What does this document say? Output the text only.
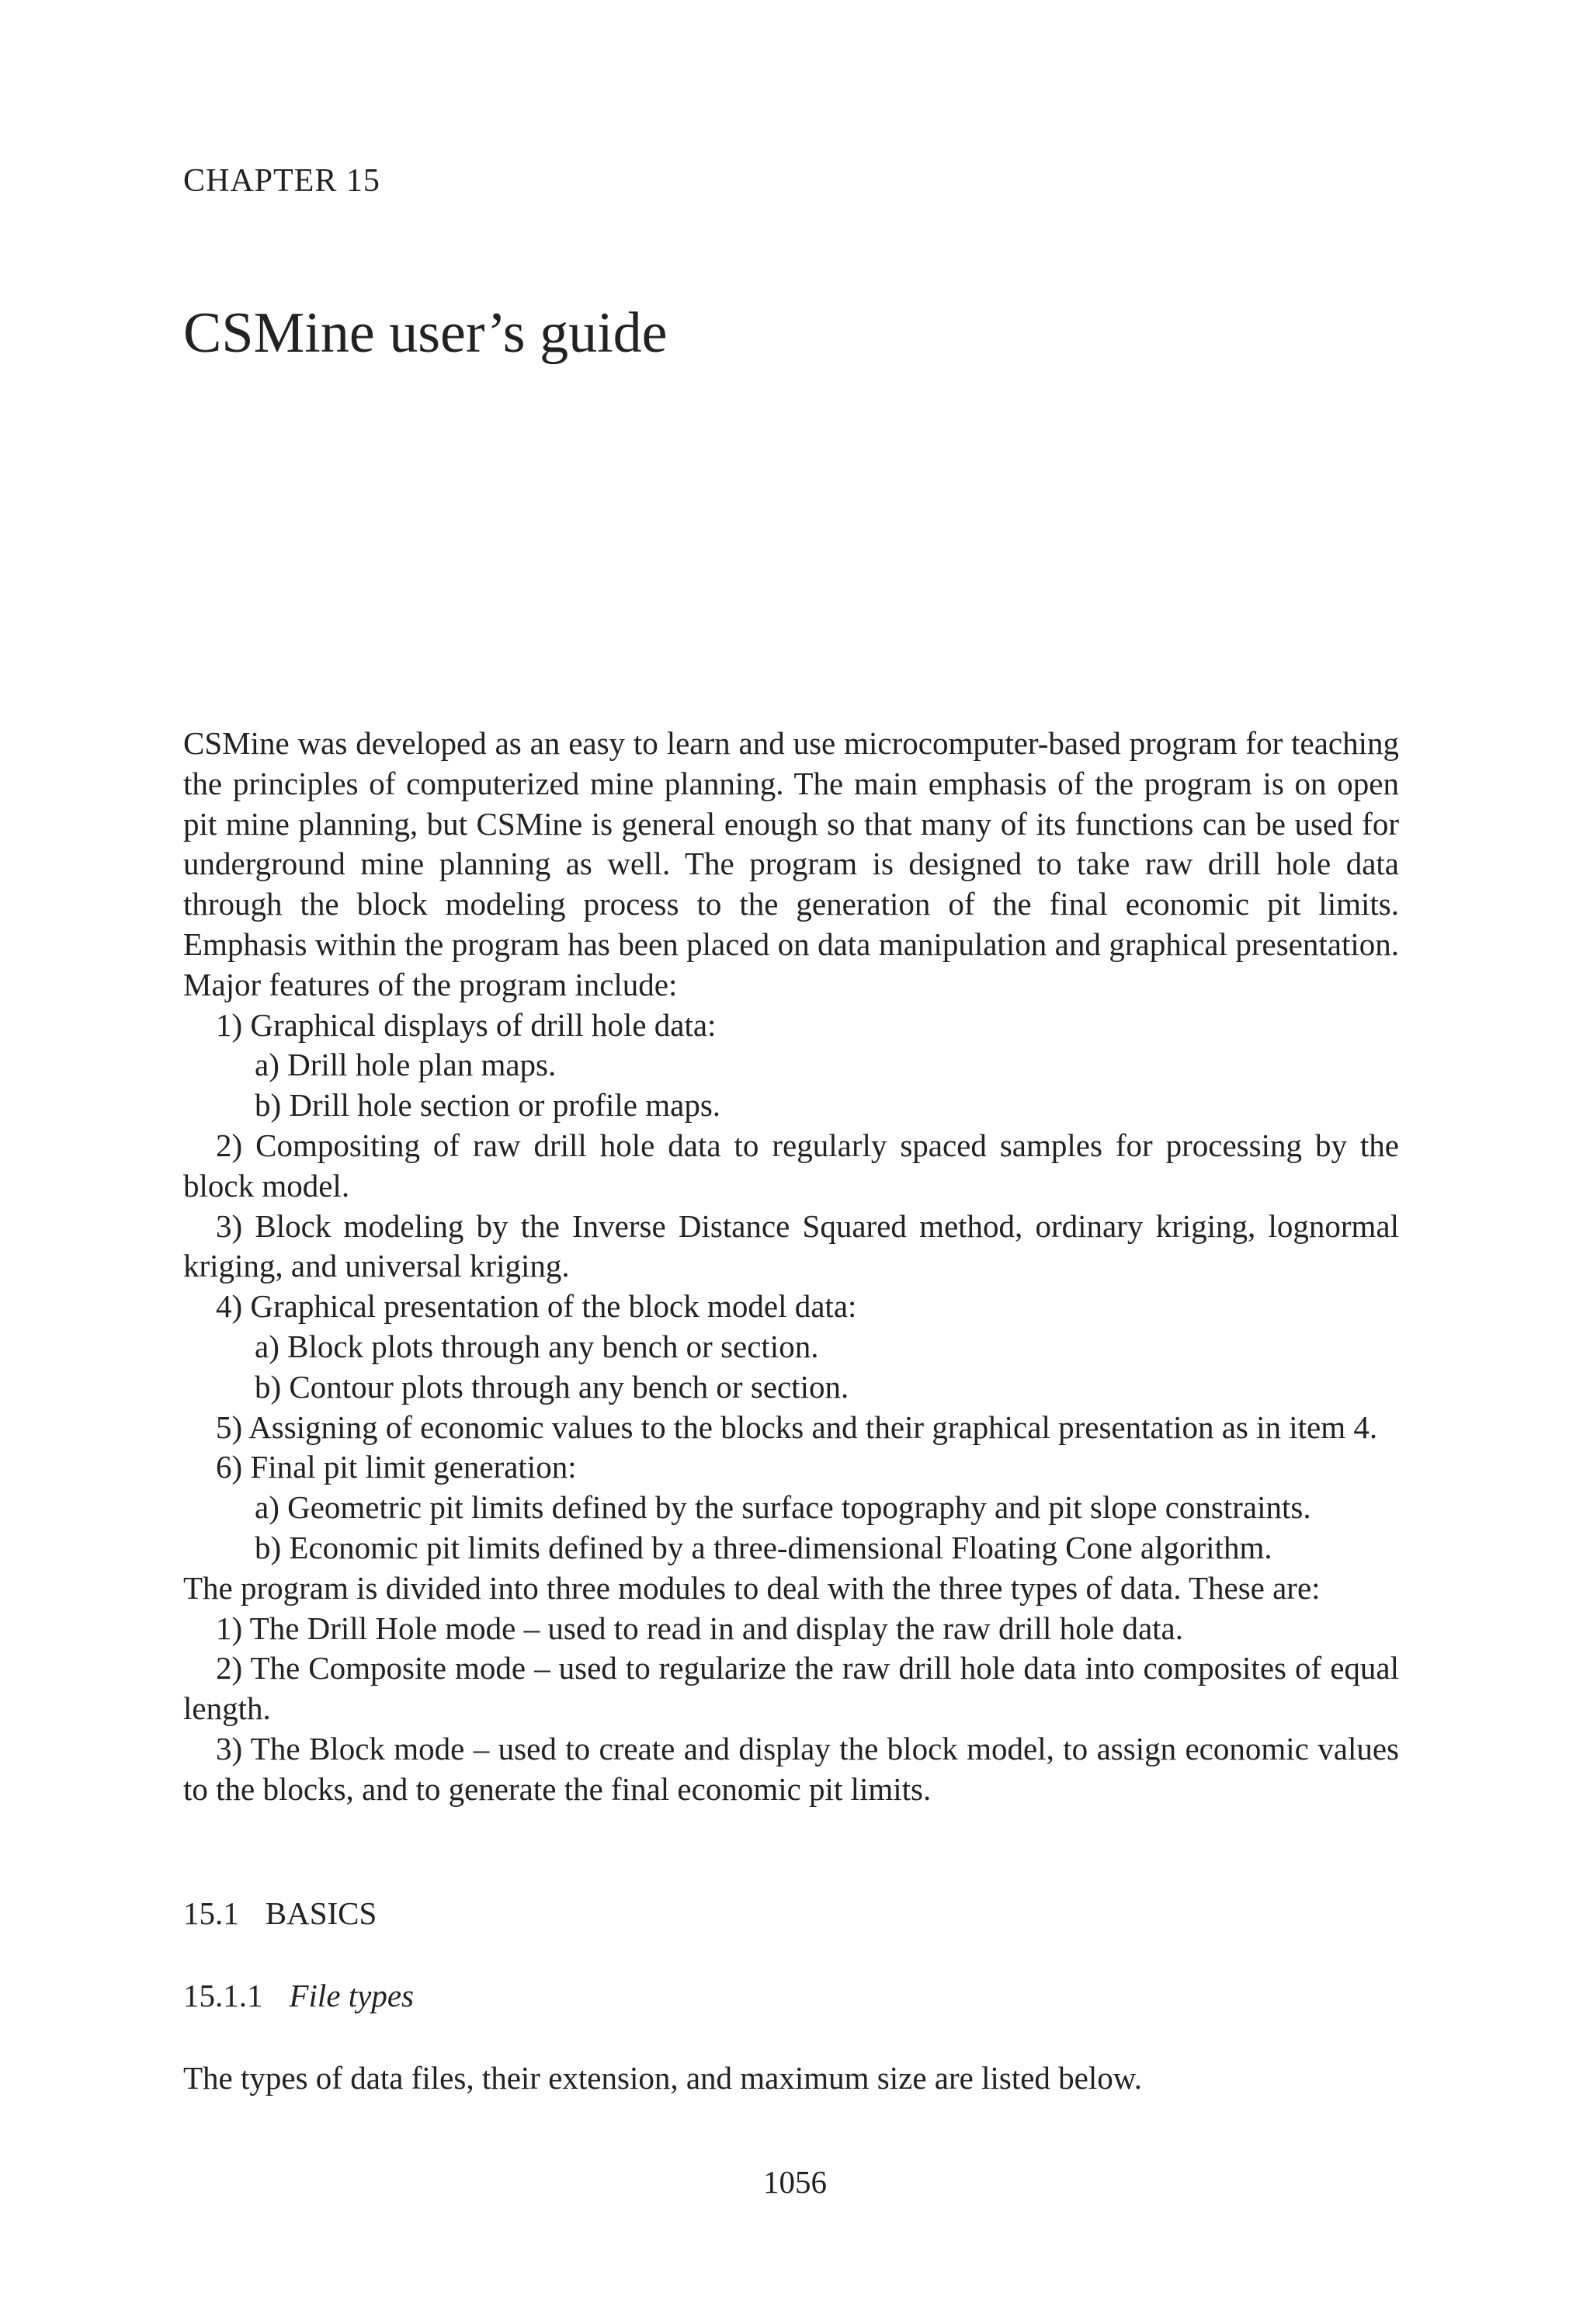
CHAPTER 15
CSMine user’s guide

CSMine was developed as an easy to learn and use microcomputer-based program for teaching the principles of computerized mine planning. The main emphasis of the program is on open pit mine planning, but CSMine is general enough so that many of its functions can be used for underground mine planning as well. The program is designed to take raw drill hole data through the block modeling process to the generation of the final economic pit limits. Emphasis within the program has been placed on data manipulation and graphical presentation. Major features of the program include:

1) Graphical displays of drill hole data:

a) Drill hole plan maps.

b) Drill hole section or profile maps.

2) Compositing of raw drill hole data to regularly spaced samples for processing by the block model.

3) Block modeling by the Inverse Distance Squared method, ordinary kriging, lognormal kriging, and universal kriging.

4) Graphical presentation of the block model data:

a) Block plots through any bench or section.

b) Contour plots through any bench or section.

5) Assigning of economic values to the blocks and their graphical presentation as in item 4.

6) Final pit limit generation:

a) Geometric pit limits defined by the surface topography and pit slope constraints.

b) Economic pit limits defined by a three-dimensional Floating Cone algorithm.

The program is divided into three modules to deal with the three types of data. These are:

1) The Drill Hole mode – used to read in and display the raw drill hole data.

2) The Composite mode – used to regularize the raw drill hole data into composites of equal length.

3) The Block mode – used to create and display the block model, to assign economic values to the blocks, and to generate the final economic pit limits.

15.1 BASICS
15.1.1 File types
The types of data files, their extension, and maximum size are listed below.
1056
